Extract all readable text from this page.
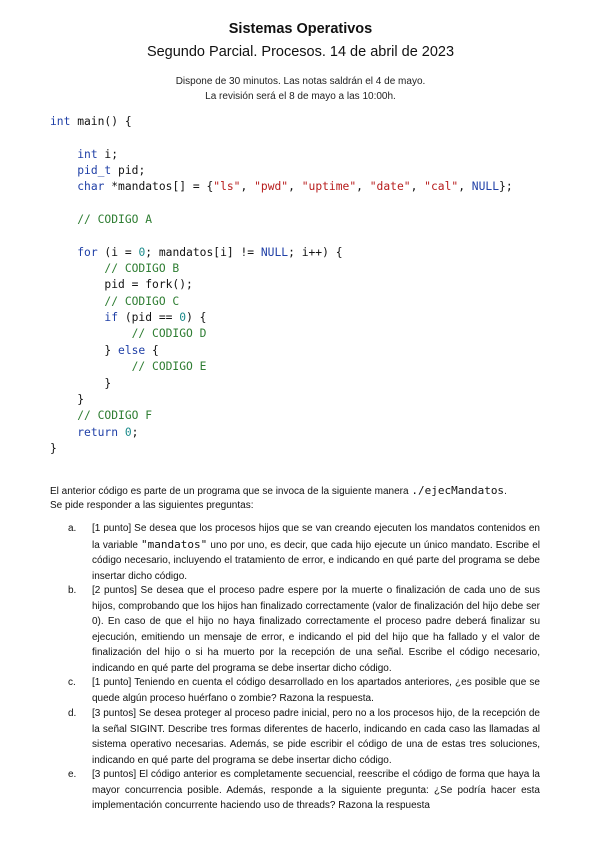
Sistemas Operativos
Segundo Parcial. Procesos. 14 de abril de 2023
Dispone de 30 minutos. Las notas saldrán el 4 de mayo.
La revisión será el 8 de mayo a las 10:00h.
int main() {
int i;
pid_t pid;
char *mandatos[] = {"ls", "pwd", "uptime", "date", "cal", NULL};
// CODIGO A
for (i = 0; mandatos[i] != NULL; i++) {
// CODIGO B
pid = fork();
// CODIGO C
if (pid == 0) {
// CODIGO D
} else {
// CODIGO E
}
}
// CODIGO F
return 0;
}
El anterior código es parte de un programa que se invoca de la siguiente manera ./ejecMandatos.
Se pide responder a las siguientes preguntas:
a.	[1 punto] Se desea que los procesos hijos que se van creando ejecuten los mandatos contenidos en la variable "mandatos" uno por uno, es decir, que cada hijo ejecute un único mandato. Escribe el código necesario, incluyendo el tratamiento de error, e indicando en qué parte del programa se debe insertar dicho código.
b.	[2 puntos] Se desea que el proceso padre espere por la muerte o finalización de cada uno de sus hijos, comprobando que los hijos han finalizado correctamente (valor de finalización del hijo debe ser 0). En caso de que el hijo no haya finalizado correctamente el proceso padre deberá finalizar su ejecución, emitiendo un mensaje de error, e indicando el pid del hijo que ha fallado y el valor de finalización del hijo o si ha muerto por la recepción de una señal. Escribe el código necesario, indicando en qué parte del programa se debe insertar dicho código.
c.	[1 punto] Teniendo en cuenta el código desarrollado en los apartados anteriores, ¿es posible que se quede algún proceso huérfano o zombie? Razona la respuesta.
d.	[3 puntos] Se desea proteger al proceso padre inicial, pero no a los procesos hijo, de la recepción de la señal SIGINT. Describe tres formas diferentes de hacerlo, indicando en cada caso las llamadas al sistema operativo necesarias. Además, se pide escribir el código de una de estas tres soluciones, indicando en qué parte del programa se debe insertar dicho código.
e.	[3 puntos] El código anterior es completamente secuencial, reescribe el código de forma que haya la mayor concurrencia posible. Además, responde a la siguiente pregunta: ¿Se podría hacer esta implementación concurrente haciendo uso de threads? Razona la respuesta
